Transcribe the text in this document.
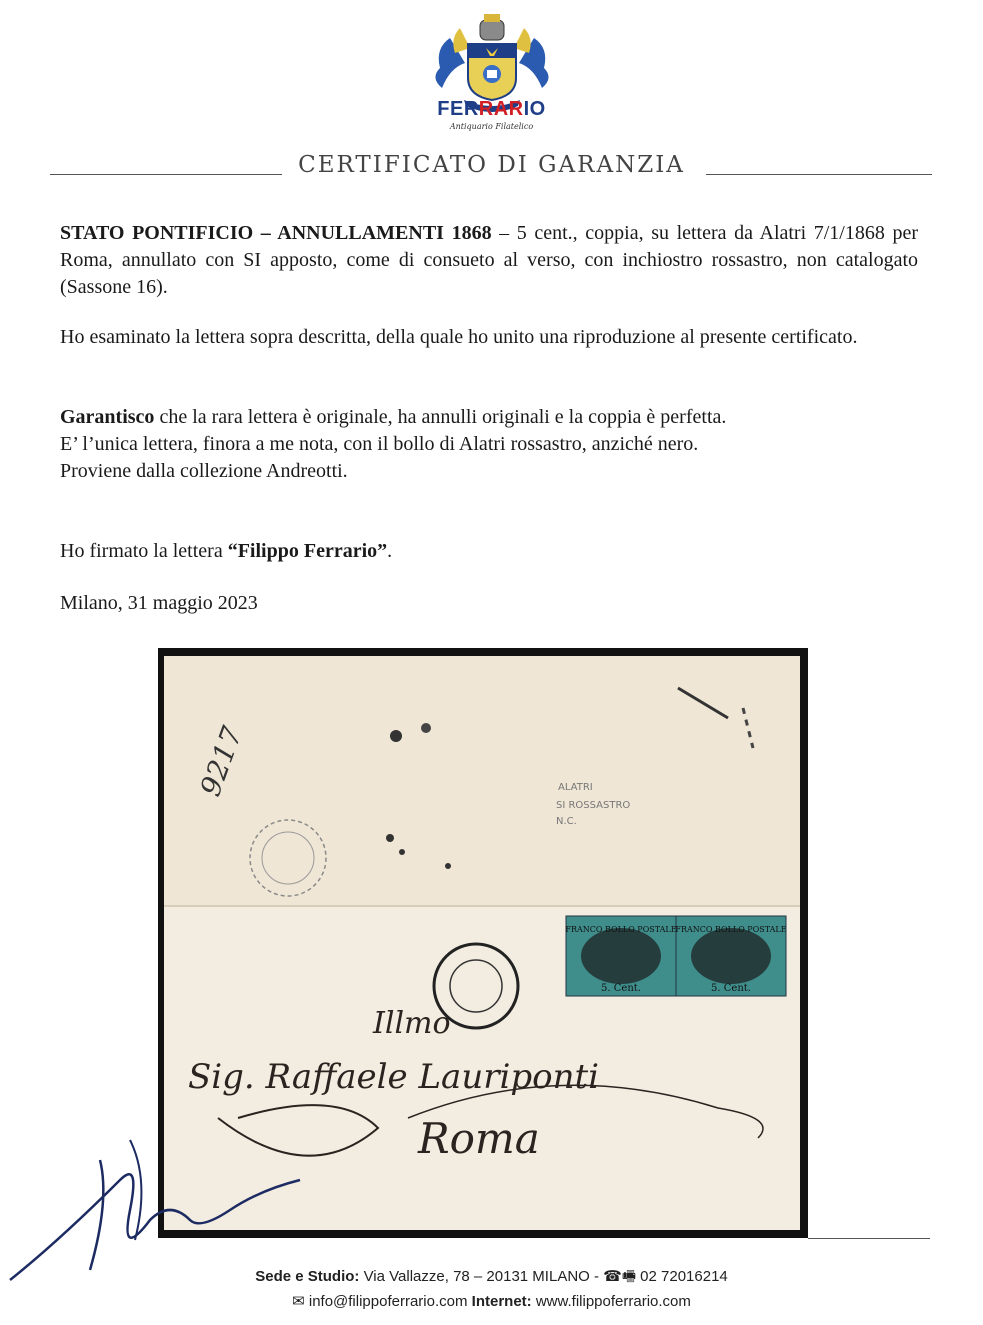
FERRARIO
Antiquario Filatelico
CERTIFICATO DI GARANZIA
STATO PONTIFICIO – ANNULLAMENTI 1868 – 5 cent., coppia, su lettera da Alatri 7/1/1868 per Roma, annullato con SI apposto, come di consueto al verso, con inchiostro rossastro, non catalogato (Sassone 16).
Ho esaminato la lettera sopra descritta, della quale ho unito una riproduzione al presente certificato.
Garantisco che la rara lettera è originale, ha annulli originali e la coppia è perfetta.
E’ l’unica lettera, finora a me nota, con il bollo di Alatri rossastro, anziché nero.
Proviene dalla collezione Andreotti.
Ho firmato la lettera “Filippo Ferrario”.
Milano, 31 maggio 2023
9217	ALATRI
SI ROSSASTRO
N.C.
FRANCO BOLLO POSTALE
FRANCO BOLLO POSTALE
5. Cent.	5. Cent.
Illmo
Sig. Raffaele Lauriponti
Roma
Sede e Studio: Via Vallazze, 78 – 20131 MILANO - ☎🖷 02 72016214
✉ info@filippoferrario.com Internet: www.filippoferrario.com
